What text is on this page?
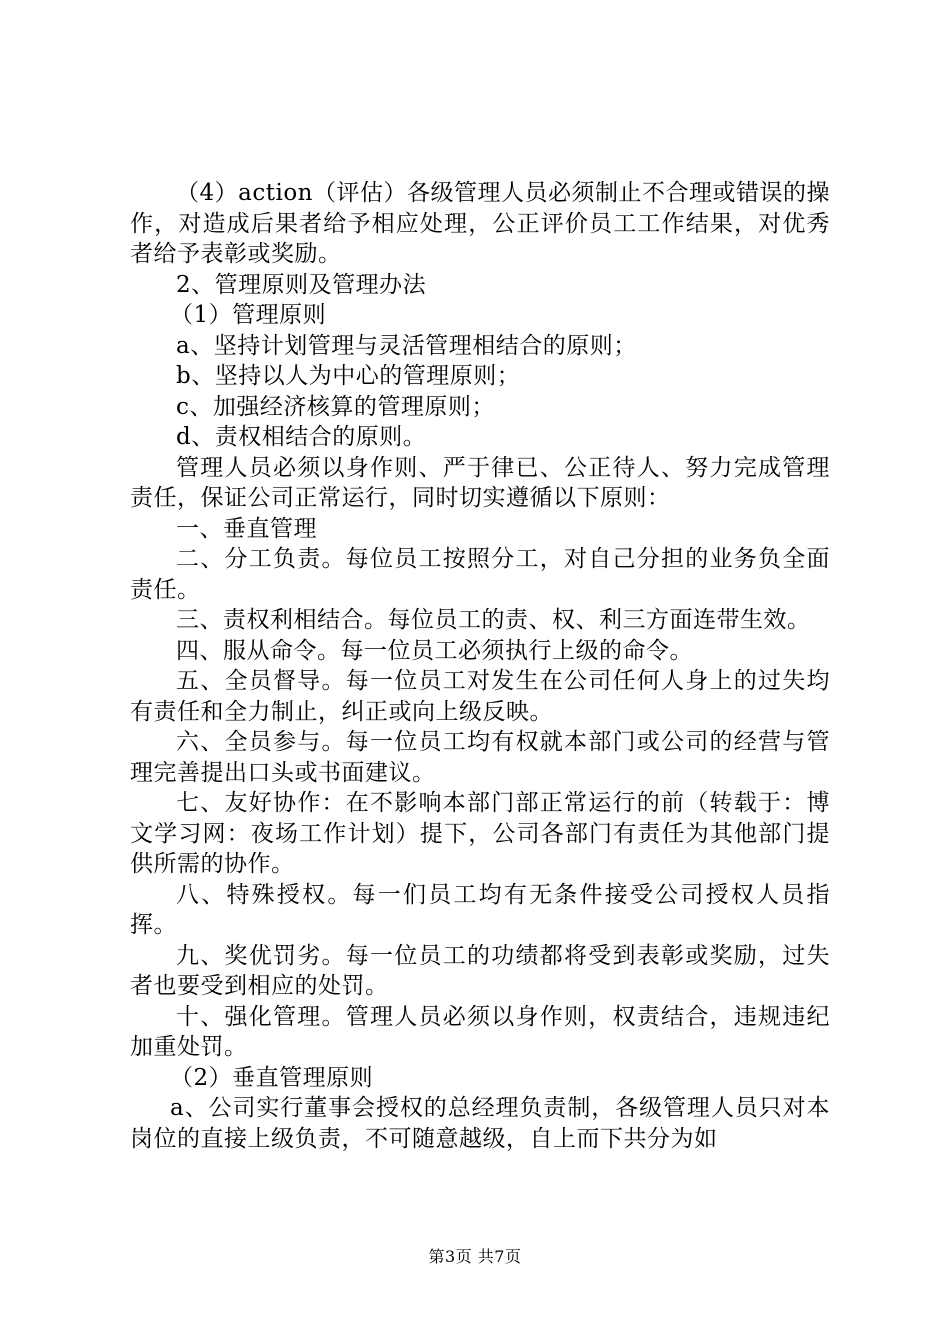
（4）action（评估）各级管理人员必须制止不合理或错误的操作，对造成后果者给予相应处理，公正评价员工工作结果，对优秀者给予表彰或奖励。

2、管理原则及管理办法

（1）管理原则

a、坚持计划管理与灵活管理相结合的原则；

b、坚持以人为中心的管理原则；

c、加强经济核算的管理原则；

d、责权相结合的原则。

管理人员必须以身作则、严于律已、公正待人、努力完成管理责任，保证公司正常运行，同时切实遵循以下原则：

一、垂直管理

二、分工负责。每位员工按照分工，对自己分担的业务负全面责任。

三、责权利相结合。每位员工的责、权、利三方面连带生效。

四、服从命令。每一位员工必须执行上级的命令。

五、全员督导。每一位员工对发生在公司任何人身上的过失均有责任和全力制止，纠正或向上级反映。

六、全员参与。每一位员工均有权就本部门或公司的经营与管理完善提出口头或书面建议。

七、友好协作：在不影响本部门部正常运行的前（转载于：博文学习网：夜场工作计划）提下，公司各部门有责任为其他部门提供所需的协作。

八、特殊授权。每一们员工均有无条件接受公司授权人员指挥。

九、奖优罚劣。每一位员工的功绩都将受到表彰或奖励，过失者也要受到相应的处罚。

十、强化管理。管理人员必须以身作则，权责结合，违规违纪加重处罚。

（2）垂直管理原则

a、公司实行董事会授权的总经理负责制，各级管理人员只对本岗位的直接上级负责，不可随意越级，自上而下共分为如

第3页 共7页
